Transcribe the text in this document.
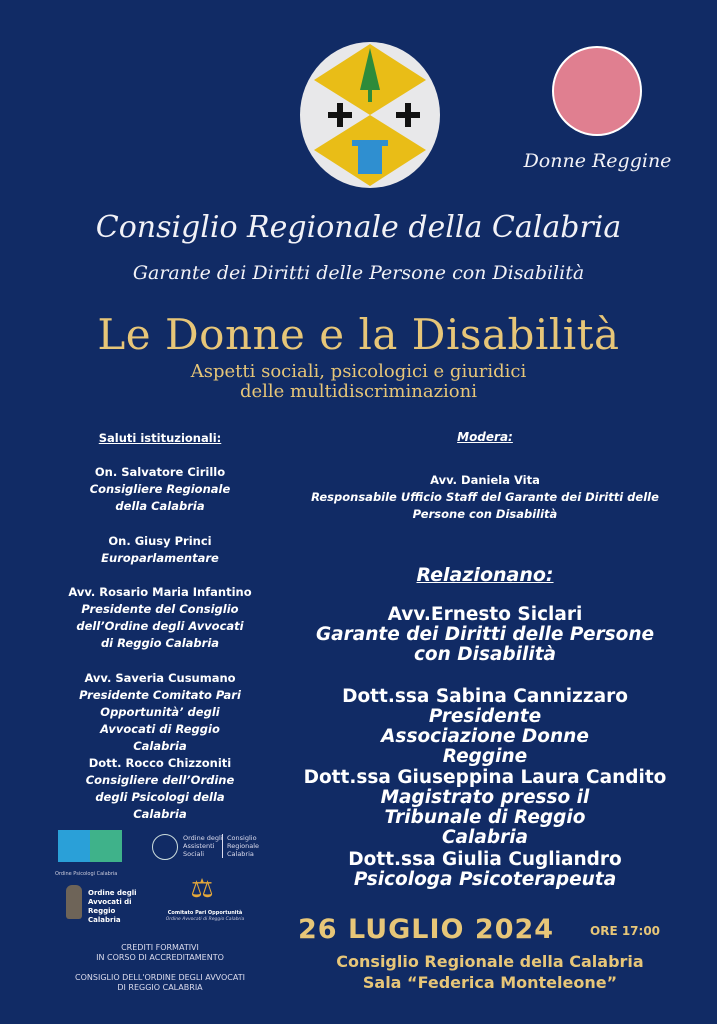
Donne Reggine
Consiglio Regionale della Calabria
Garante dei Diritti delle Persone con Disabilità
Le Donne e la Disabilità
Aspetti sociali, psicologici e giuridici
delle multidiscriminazioni
Saluti istituzionali:
On. Salvatore Cirillo
Consigliere Regionale della Calabria
On. Giusy Princi
Europarlamentare
Avv. Rosario Maria Infantino
Presidente del Consiglio dell’Ordine degli Avvocati di Reggio Calabria
Avv. Saveria Cusumano
Presidente Comitato Pari Opportunità’ degli Avvocati di Reggio Calabria
Dott. Rocco Chizzoniti
Consigliere dell’Ordine degli Psicologi della Calabria
Ordine Psicologi Calabria
Ordine degli Assistenti Sociali
Consiglio Regionale Calabria
Ordine degli Avvocati di Reggio Calabria
⚖
Comitato Pari Opportunità
Ordine Avvocati di Reggio Calabria
CREDITI FORMATIVI
IN CORSO DI ACCREDITAMENTO
CONSIGLIO DELL'ORDINE DEGLI AVVOCATI
DI REGGIO CALABRIA
Modera:
Avv. Daniela Vita
Responsabile Ufficio Staff del Garante dei Diritti delle Persone con Disabilità
Relazionano:
Avv.Ernesto Siclari
Garante dei Diritti delle Persone con Disabilità
Dott.ssa Sabina Cannizzaro
Presidente Associazione Donne Reggine
Dott.ssa Giuseppina Laura Candito
Magistrato presso il Tribunale di Reggio Calabria
Dott.ssa Giulia Cugliandro
Psicologa Psicoterapeuta
26 LUGLIO 2024	ORE 17:00
Consiglio Regionale della Calabria
Sala “Federica Monteleone”
